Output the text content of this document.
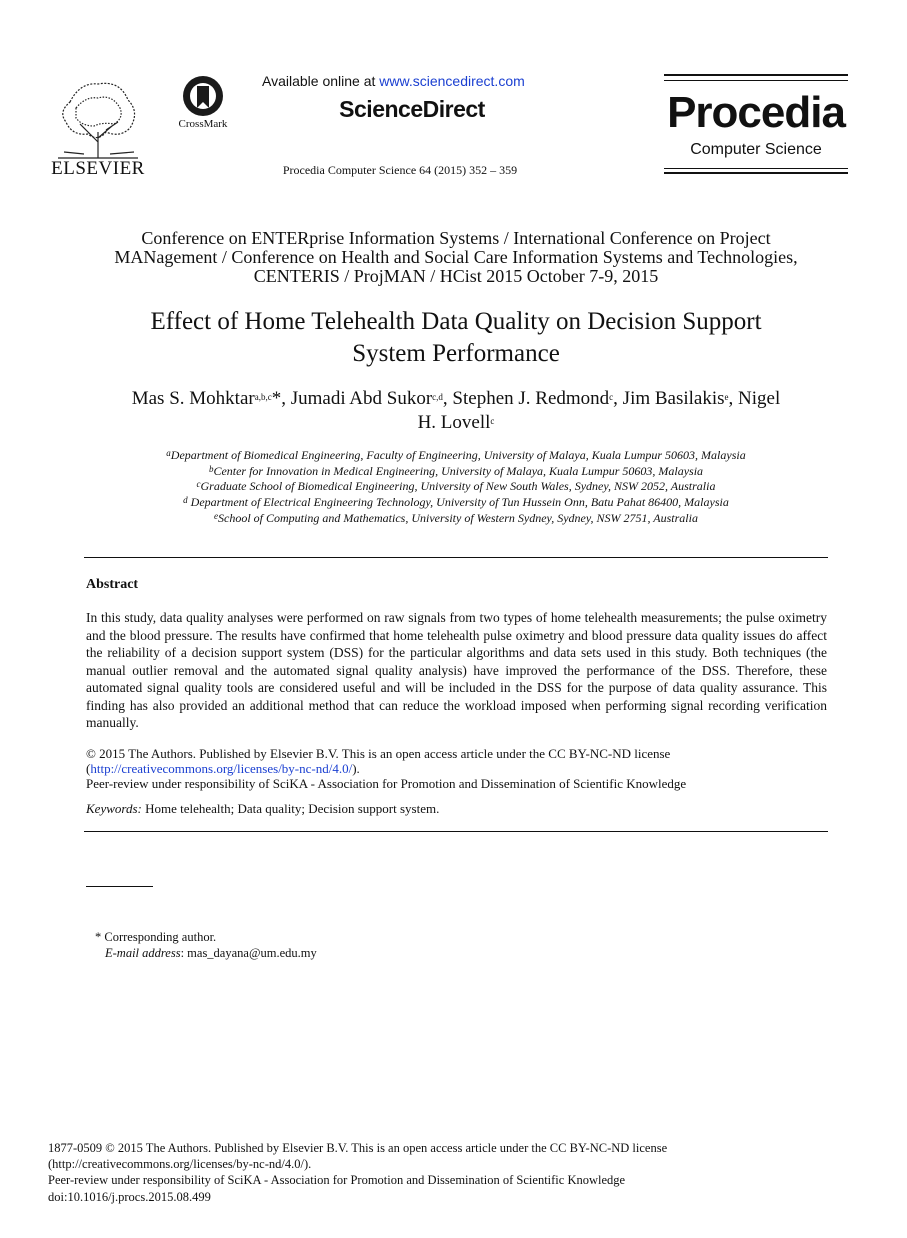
ELSEVIER
CrossMark
Available online at www.sciencedirect.com
ScienceDirect
Procedia Computer Science 64 (2015) 352 – 359
Procedia
Computer Science
Conference on ENTERprise Information Systems / International Conference on Project
MANagement / Conference on Health and Social Care Information Systems and Technologies,
CENTERIS / ProjMAN / HCist 2015 October 7-9, 2015
Effect of Home Telehealth Data Quality on Decision Support
System Performance
Mas S. Mohktar$^{a,b,c}$*, Jumadi Abd Sukor$^{c,d}$, Stephen J. Redmond$^c$, Jim Basilakis$^e$, Nigel
H. Lovell$^c$
$^a$Department of Biomedical Engineering, Faculty of Engineering, University of Malaya, Kuala Lumpur 50603, Malaysia
$^b$Center for Innovation in Medical Engineering, University of Malaya, Kuala Lumpur 50603, Malaysia
$^c$Graduate School of Biomedical Engineering, University of New South Wales, Sydney, NSW 2052, Australia
$^d$ Department of Electrical Engineering Technology, University of Tun Hussein Onn, Batu Pahat 86400, Malaysia
$^e$School of Computing and Mathematics, University of Western Sydney, Sydney, NSW 2751, Australia
Abstract
In this study, data quality analyses were performed on raw signals from two types of home telehealth measurements; the pulse oximetry and the blood pressure. The results have confirmed that home telehealth pulse oximetry and blood pressure data quality issues do affect the reliability of a decision support system (DSS) for the particular algorithms and data sets used in this study. Both techniques (the manual outlier removal and the automated signal quality analysis) have improved the performance of the DSS. Therefore, these automated signal quality tools are considered useful and will be included in the DSS for the purpose of data quality assurance. This finding has also provided an additional method that can reduce the workload imposed when performing signal recording verification manually.
© 2015 The Authors. Published by Elsevier B.V. This is an open access article under the CC BY-NC-ND license
(http://creativecommons.org/licenses/by-nc-nd/4.0/).
Peer-review under responsibility of SciKA - Association for Promotion and Dissemination of Scientific Knowledge
Keywords: Home telehealth; Data quality; Decision support system.
* Corresponding author.
E-mail address: mas_dayana@um.edu.my
1877-0509 © 2015 The Authors. Published by Elsevier B.V. This is an open access article under the CC BY-NC-ND license
(http://creativecommons.org/licenses/by-nc-nd/4.0/).
Peer-review under responsibility of SciKA - Association for Promotion and Dissemination of Scientific Knowledge
doi:10.1016/j.procs.2015.08.499
